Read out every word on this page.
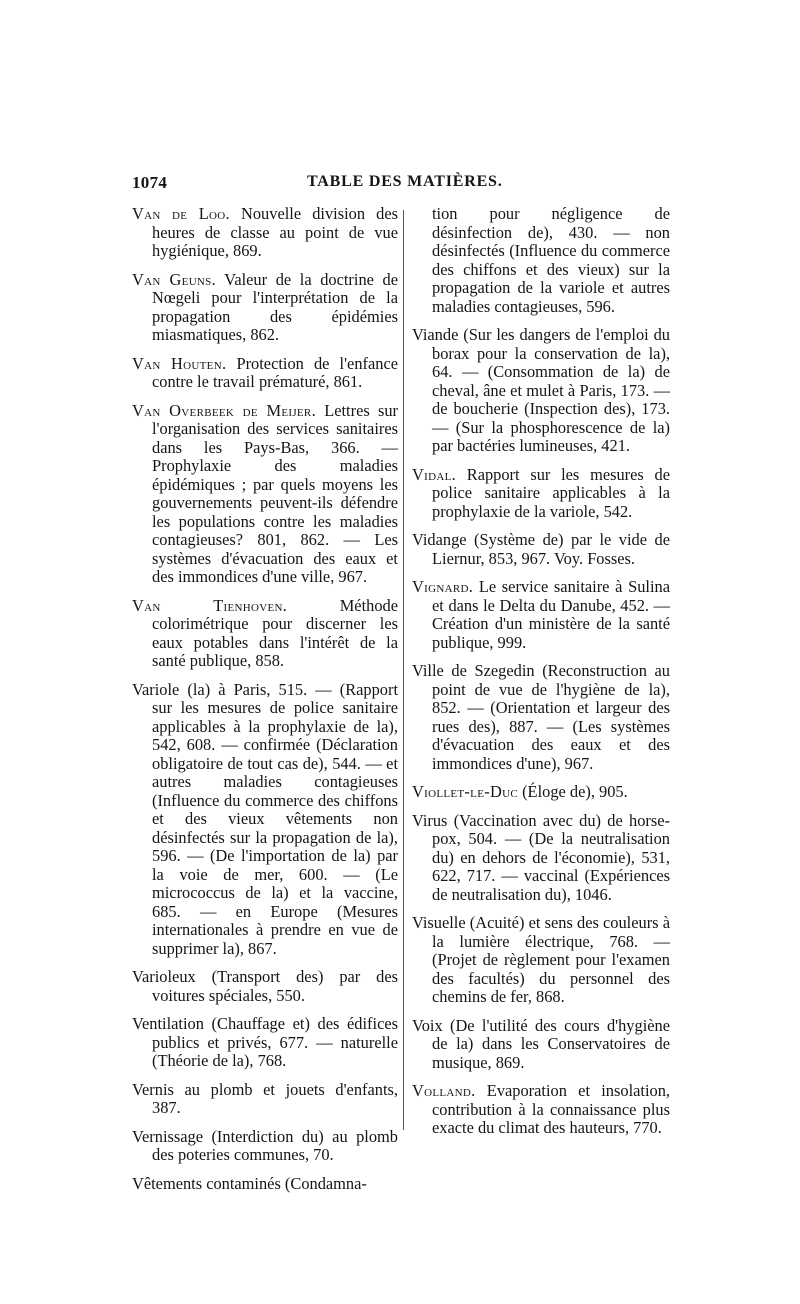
1074	TABLE DES MATIÈRES.

Van de Loo. Nouvelle division des heures de classe au point de vue hygiénique, 869.

Van Geuns. Valeur de la doctrine de Nœgeli pour l'interprétation de la propagation des épidémies miasmatiques, 862.

Van Houten. Protection de l'enfance contre le travail prématuré, 861.

Van Overbeek de Meijer. Lettres sur l'organisation des services sanitaires dans les Pays-Bas, 366. — Prophylaxie des maladies épidémiques ; par quels moyens les gouvernements peuvent-ils défendre les populations contre les maladies contagieuses? 801, 862. — Les systèmes d'évacuation des eaux et des immondices d'une ville, 967.

Van Tienhoven. Méthode colorimétrique pour discerner les eaux potables dans l'intérêt de la santé publique, 858.

Variole (la) à Paris, 515. — (Rapport sur les mesures de police sanitaire applicables à la prophylaxie de la), 542, 608. — confirmée (Déclaration obligatoire de tout cas de), 544. — et autres maladies contagieuses (Influence du commerce des chiffons et des vieux vêtements non désinfectés sur la propagation de la), 596. — (De l'importation de la) par la voie de mer, 600. — (Le micrococcus de la) et la vaccine, 685. — en Europe (Mesures internationales à prendre en vue de supprimer la), 867.

Varioleux (Transport des) par des voitures spéciales, 550.

Ventilation (Chauffage et) des édifices publics et privés, 677. — naturelle (Théorie de la), 768.

Vernis au plomb et jouets d'enfants, 387.

Vernissage (Interdiction du) au plomb des poteries communes, 70.

Vêtements contaminés (Condamna-

tion pour négligence de désinfection de), 430. — non désinfectés (Influence du commerce des chiffons et des vieux) sur la propagation de la variole et autres maladies contagieuses, 596.

Viande (Sur les dangers de l'emploi du borax pour la conservation de la), 64. — (Consommation de la) de cheval, âne et mulet à Paris, 173. — de boucherie (Inspection des), 173. — (Sur la phosphorescence de la) par bactéries lumineuses, 421.

Vidal. Rapport sur les mesures de police sanitaire applicables à la prophylaxie de la variole, 542.

Vidange (Système de) par le vide de Liernur, 853, 967. Voy. Fosses.

Vignard. Le service sanitaire à Sulina et dans le Delta du Danube, 452. — Création d'un ministère de la santé publique, 999.

Ville de Szegedin (Reconstruction au point de vue de l'hygiène de la), 852. — (Orientation et largeur des rues des), 887. — (Les systèmes d'évacuation des eaux et des immondices d'une), 967.

Viollet-le-Duc (Éloge de), 905.

Virus (Vaccination avec du) de horse-pox, 504. — (De la neutralisation du) en dehors de l'économie), 531, 622, 717. — vaccinal (Expériences de neutralisation du), 1046.

Visuelle (Acuité) et sens des couleurs à la lumière électrique, 768. — (Projet de règlement pour l'examen des facultés) du personnel des chemins de fer, 868.

Voix (De l'utilité des cours d'hygiène de la) dans les Conservatoires de musique, 869.

Volland. Evaporation et insolation, contribution à la connaissance plus exacte du climat des hauteurs, 770.
